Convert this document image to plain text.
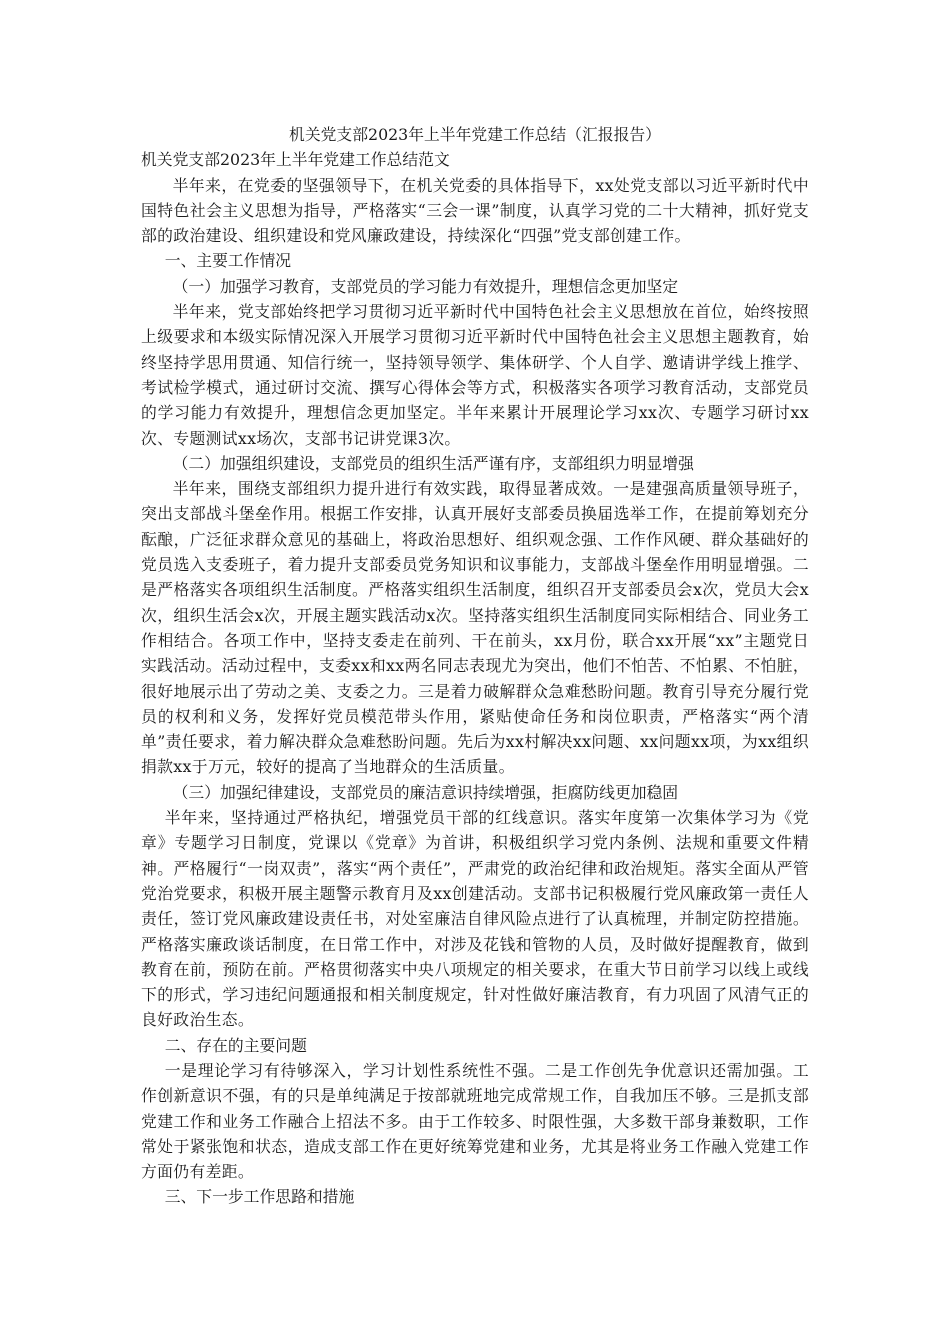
机关党支部2023年上半年党建工作总结（汇报报告）

机关党支部2023年上半年党建工作总结范文

半年来，在党委的坚强领导下，在机关党委的具体指导下，xx处党支部以习近平新时代中国特色社会主义思想为指导，严格落实“三会一课”制度，认真学习党的二十大精神，抓好党支部的政治建设、组织建设和党风廉政建设，持续深化“四强”党支部创建工作。

一、主要工作情况

（一）加强学习教育，支部党员的学习能力有效提升，理想信念更加坚定

半年来，党支部始终把学习贯彻习近平新时代中国特色社会主义思想放在首位，始终按照上级要求和本级实际情况深入开展学习贯彻习近平新时代中国特色社会主义思想主题教育，始终坚持学思用贯通、知信行统一，坚持领导领学、集体研学、个人自学、邀请讲学线上推学、考试检学模式，通过研讨交流、撰写心得体会等方式，积极落实各项学习教育活动，支部党员的学习能力有效提升，理想信念更加坚定。半年来累计开展理论学习xx次、专题学习研讨xx次、专题测试xx场次，支部书记讲党课3次。

（二）加强组织建设，支部党员的组织生活严谨有序，支部组织力明显增强

半年来，围绕支部组织力提升进行有效实践，取得显著成效。一是建强高质量领导班子，突出支部战斗堡垒作用。根据工作安排，认真开展好支部委员换届选举工作，在提前筹划充分酝酿，广泛征求群众意见的基础上，将政治思想好、组织观念强、工作作风硬、群众基础好的党员选入支委班子，着力提升支部委员党务知识和议事能力，支部战斗堡垒作用明显增强。二是严格落实各项组织生活制度。严格落实组织生活制度，组织召开支部委员会x次，党员大会x次，组织生活会x次，开展主题实践活动x次。坚持落实组织生活制度同实际相结合、同业务工作相结合。各项工作中，坚持支委走在前列、干在前头，xx月份，联合xx开展“xx”主题党日实践活动。活动过程中，支委xx和xx两名同志表现尤为突出，他们不怕苦、不怕累、不怕脏，很好地展示出了劳动之美、支委之力。三是着力破解群众急难愁盼问题。教育引导充分履行党员的权利和义务，发挥好党员模范带头作用，紧贴使命任务和岗位职责，严格落实“两个清单”责任要求，着力解决群众急难愁盼问题。先后为xx村解决xx问题、xx问题xx项，为xx组织捐款xx于万元，较好的提高了当地群众的生活质量。

（三）加强纪律建设，支部党员的廉洁意识持续增强，拒腐防线更加稳固

半年来，坚持通过严格执纪，增强党员干部的红线意识。落实年度第一次集体学习为《党章》专题学习日制度，党课以《党章》为首讲，积极组织学习党内条例、法规和重要文件精神。严格履行“一岗双责”，落实“两个责任”，严肃党的政治纪律和政治规矩。落实全面从严管党治党要求，积极开展主题警示教育月及xx创建活动。支部书记积极履行党风廉政第一责任人责任，签订党风廉政建设责任书，对处室廉洁自律风险点进行了认真梳理，并制定防控措施。严格落实廉政谈话制度，在日常工作中，对涉及花钱和管物的人员，及时做好提醒教育，做到教育在前，预防在前。严格贯彻落实中央八项规定的相关要求，在重大节日前学习以线上或线下的形式，学习违纪问题通报和相关制度规定，针对性做好廉洁教育，有力巩固了风清气正的良好政治生态。

二、存在的主要问题

一是理论学习有待够深入，学习计划性系统性不强。二是工作创先争优意识还需加强。工作创新意识不强，有的只是单纯满足于按部就班地完成常规工作，自我加压不够。三是抓支部党建工作和业务工作融合上招法不多。由于工作较多、时限性强，大多数干部身兼数职，工作常处于紧张饱和状态，造成支部工作在更好统筹党建和业务，尤其是将业务工作融入党建工作方面仍有差距。

三、下一步工作思路和措施
